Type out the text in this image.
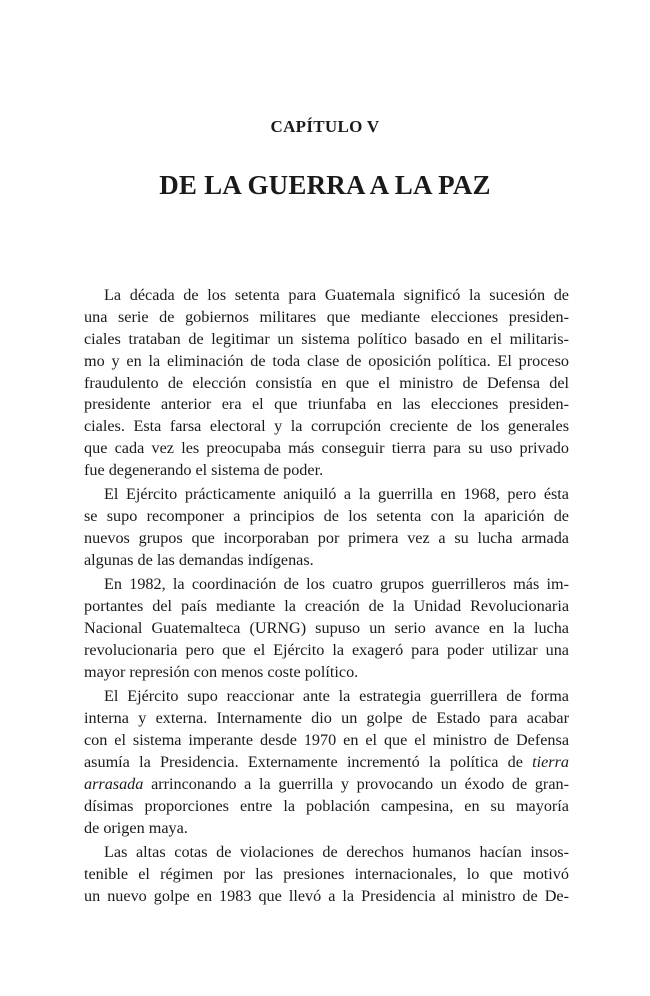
CAPÍTULO V
DE LA GUERRA A LA PAZ
La década de los setenta para Guatemala significó la sucesión de
una serie de gobiernos militares que mediante elecciones presiden-
ciales trataban de legitimar un sistema político basado en el militaris-
mo y en la eliminación de toda clase de oposición política. El proceso
fraudulento de elección consistía en que el ministro de Defensa del
presidente anterior era el que triunfaba en las elecciones presiden-
ciales. Esta farsa electoral y la corrupción creciente de los generales
que cada vez les preocupaba más conseguir tierra para su uso privado
fue degenerando el sistema de poder.
El Ejército prácticamente aniquiló a la guerrilla en 1968, pero ésta
se supo recomponer a principios de los setenta con la aparición de
nuevos grupos que incorporaban por primera vez a su lucha armada
algunas de las demandas indígenas.
En 1982, la coordinación de los cuatro grupos guerrilleros más im-
portantes del país mediante la creación de la Unidad Revolucionaria
Nacional Guatemalteca (URNG) supuso un serio avance en la lucha
revolucionaria pero que el Ejército la exageró para poder utilizar una
mayor represión con menos coste político.
El Ejército supo reaccionar ante la estrategia guerrillera de forma
interna y externa. Internamente dio un golpe de Estado para acabar
con el sistema imperante desde 1970 en el que el ministro de Defensa
asumía la Presidencia. Externamente incrementó la política de tierra
arrasada arrinconando a la guerrilla y provocando un éxodo de gran-
dísimas proporciones entre la población campesina, en su mayoría
de origen maya.
Las altas cotas de violaciones de derechos humanos hacían insos-
tenible el régimen por las presiones internacionales, lo que motivó
un nuevo golpe en 1983 que llevó a la Presidencia al ministro de De-
